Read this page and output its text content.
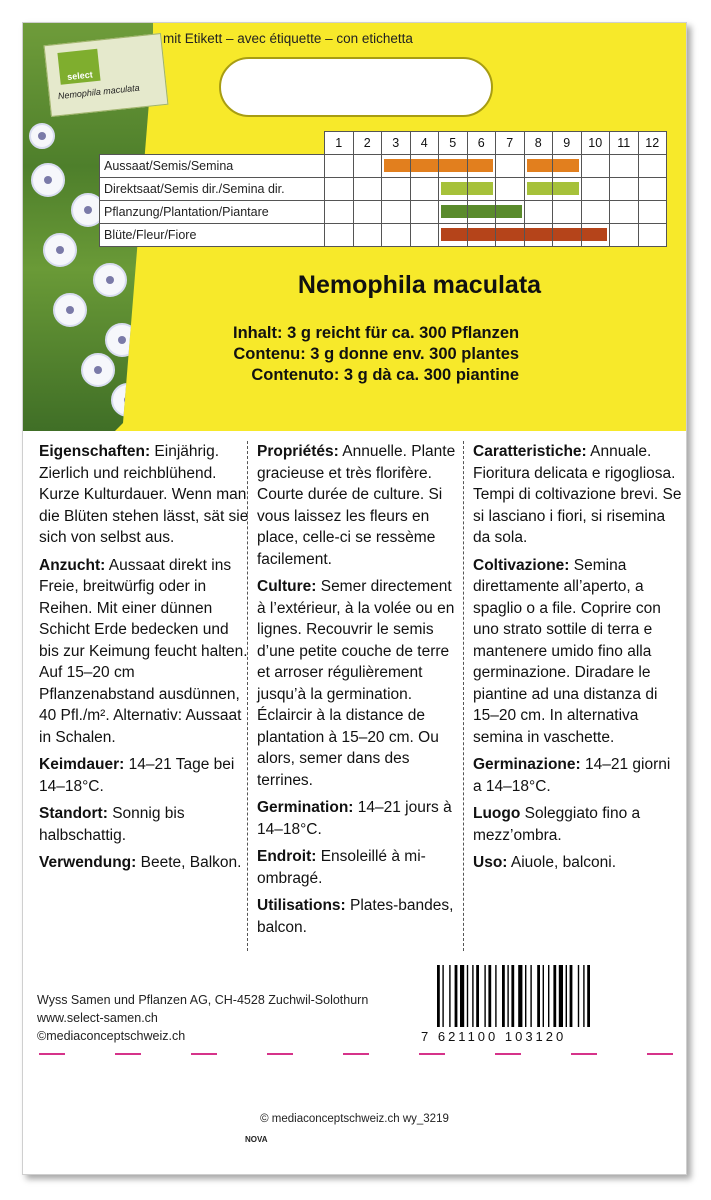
select
Nemophila maculata
mit Etikett – avec étiquette – con etichetta
	1	2	3	4	5	6	7	8	9	10	11	12
Aussaat/Semis/Semina			

Direktsaat/Semis dir./Semina dir.					

Pflanzung/Plantation/Piantare					

Blüte/Fleur/Fiore					

Nemophila maculata
Inhalt: 3 g reicht für ca. 300 Pflanzen
Contenu: 3 g donne env. 300 plantes
Contenuto: 3 g dà ca. 300 piantine

Eigenschaften: Einjährig. Zierlich und reichblühend. Kurze Kulturdauer. Wenn man die Blüten stehen lässt, sät sie sich von selbst aus.

Anzucht: Aussaat direkt ins Freie, breitwürfig oder in Reihen. Mit einer dünnen Schicht Erde bedecken und bis zur Keimung feucht halten. Auf 15–20 cm Pflanzenabstand ausdünnen, 40 Pfl./m². Alternativ: Aussaat in Schalen.

Keimdauer: 14–21 Tage bei 14–18°C.

Standort: Sonnig bis halbschattig.

Verwendung: Beete, Balkon.

Propriétés: Annuelle. Plante gracieuse et très florifère. Courte durée de culture. Si vous laissez les fleurs en place, celle-ci se ressème facilement.

Culture: Semer directement à l’extérieur, à la volée ou en lignes. Recouvrir le semis d’une petite couche de terre et arroser régulièrement jusqu’à la germination. Éclaircir à la distance de plantation à 15–20 cm. Ou alors, semer dans des terrines.

Germination: 14–21 jours à 14–18°C.

Endroit: Ensoleillé à mi-ombragé.

Utilisations: Plates-bandes, balcon.

Caratteristiche: Annuale. Fioritura delicata e rigogliosa. Tempi di coltivazione brevi. Se si lasciano i fiori, si risemina da sola.

Coltivazione: Semina direttamente all’aperto, a spaglio o a file. Coprire con uno strato sottile di terra e mantenere umido fino alla germinazione. Diradare le piantine ad una distanza di 15–20 cm. In alternativa semina in vaschette.

Germinazione: 14–21 giorni a 14–18°C.

Luogo Soleggiato fino a mezz’ombra.

Uso: Aiuole, balconi.

Wyss Samen und Pflanzen AG, CH-4528 Zuchwil-Solothurn
www.select-samen.ch
©mediaconceptschweiz.ch	7 621100 103120
© mediaconceptschweiz.ch wy_3219
NOVA
